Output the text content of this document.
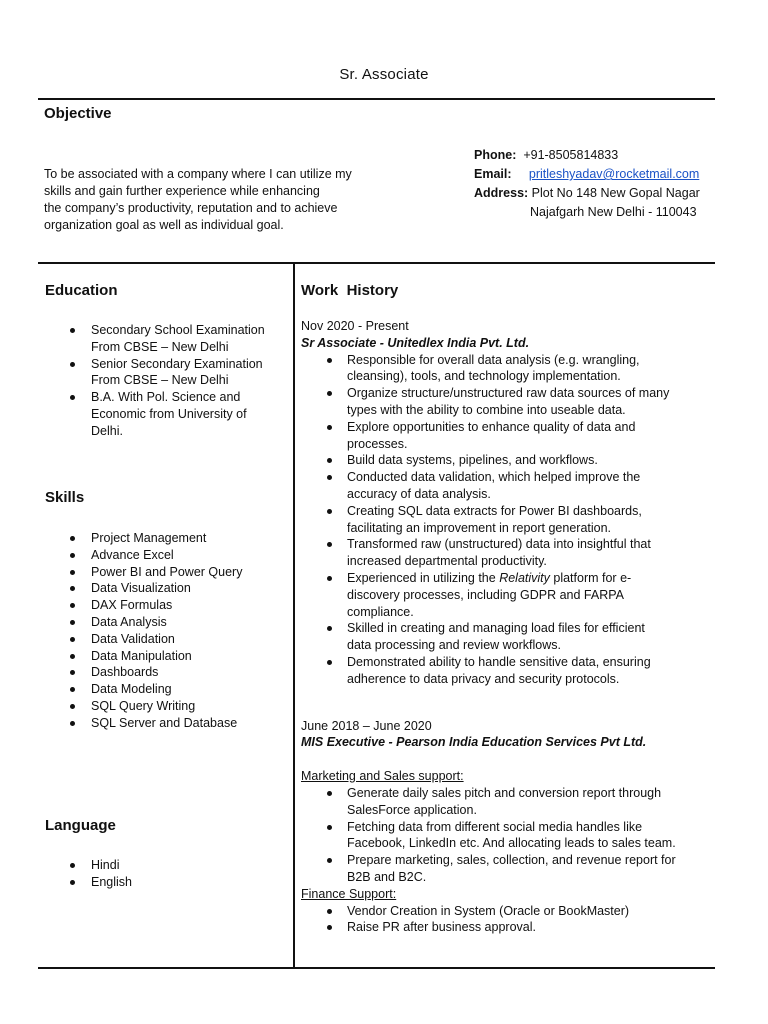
Sr. Associate
Objective
To be associated with a company where I can utilize my
skills and gain further experience while enhancing
the company’s productivity, reputation and to achieve
organization goal as well as individual goal.
Phone: +91-8505814833
Email: pritleshyadav@rocketmail.com
Address: Plot No 148 New Gopal Nagar
Najafgarh New Delhi - 110043
Education
Secondary School Examination
From CBSE – New Delhi
Senior Secondary Examination
From CBSE – New Delhi
B.A. With Pol. Science and
Economic from University of
Delhi.
Skills
Project Management
Advance Excel
Power BI and Power Query
Data Visualization
DAX Formulas
Data Analysis
Data Validation
Data Manipulation
Dashboards
Data Modeling
SQL Query Writing
SQL Server and Database
Language
Hindi
English
Work  History
Nov 2020 - Present
Sr Associate - Unitedlex India Pvt. Ltd.
Responsible for overall data analysis (e.g. wrangling,
cleansing), tools, and technology implementation.
Organize structure/unstructured raw data sources of many
types with the ability to combine into useable data.
Explore opportunities to enhance quality of data and
processes.
Build data systems, pipelines, and workflows.
Conducted data validation, which helped improve the
accuracy of data analysis.
Creating SQL data extracts for Power BI dashboards,
facilitating an improvement in report generation.
Transformed raw (unstructured) data into insightful that
increased departmental productivity.
Experienced in utilizing the Relativity platform for e-
discovery processes, including GDPR and FARPA
compliance.
Skilled in creating and managing load files for efficient
data processing and review workflows.
Demonstrated ability to handle sensitive data, ensuring
adherence to data privacy and security protocols.
June 2018 – June 2020
MIS Executive - Pearson India Education Services Pvt Ltd.
Marketing and Sales support:
Generate daily sales pitch and conversion report through
SalesForce application.
Fetching data from different social media handles like
Facebook, LinkedIn etc. And allocating leads to sales team.
Prepare marketing, sales, collection, and revenue report for
B2B and B2C.
Finance Support:
Vendor Creation in System (Oracle or BookMaster)
Raise PR after business approval.
